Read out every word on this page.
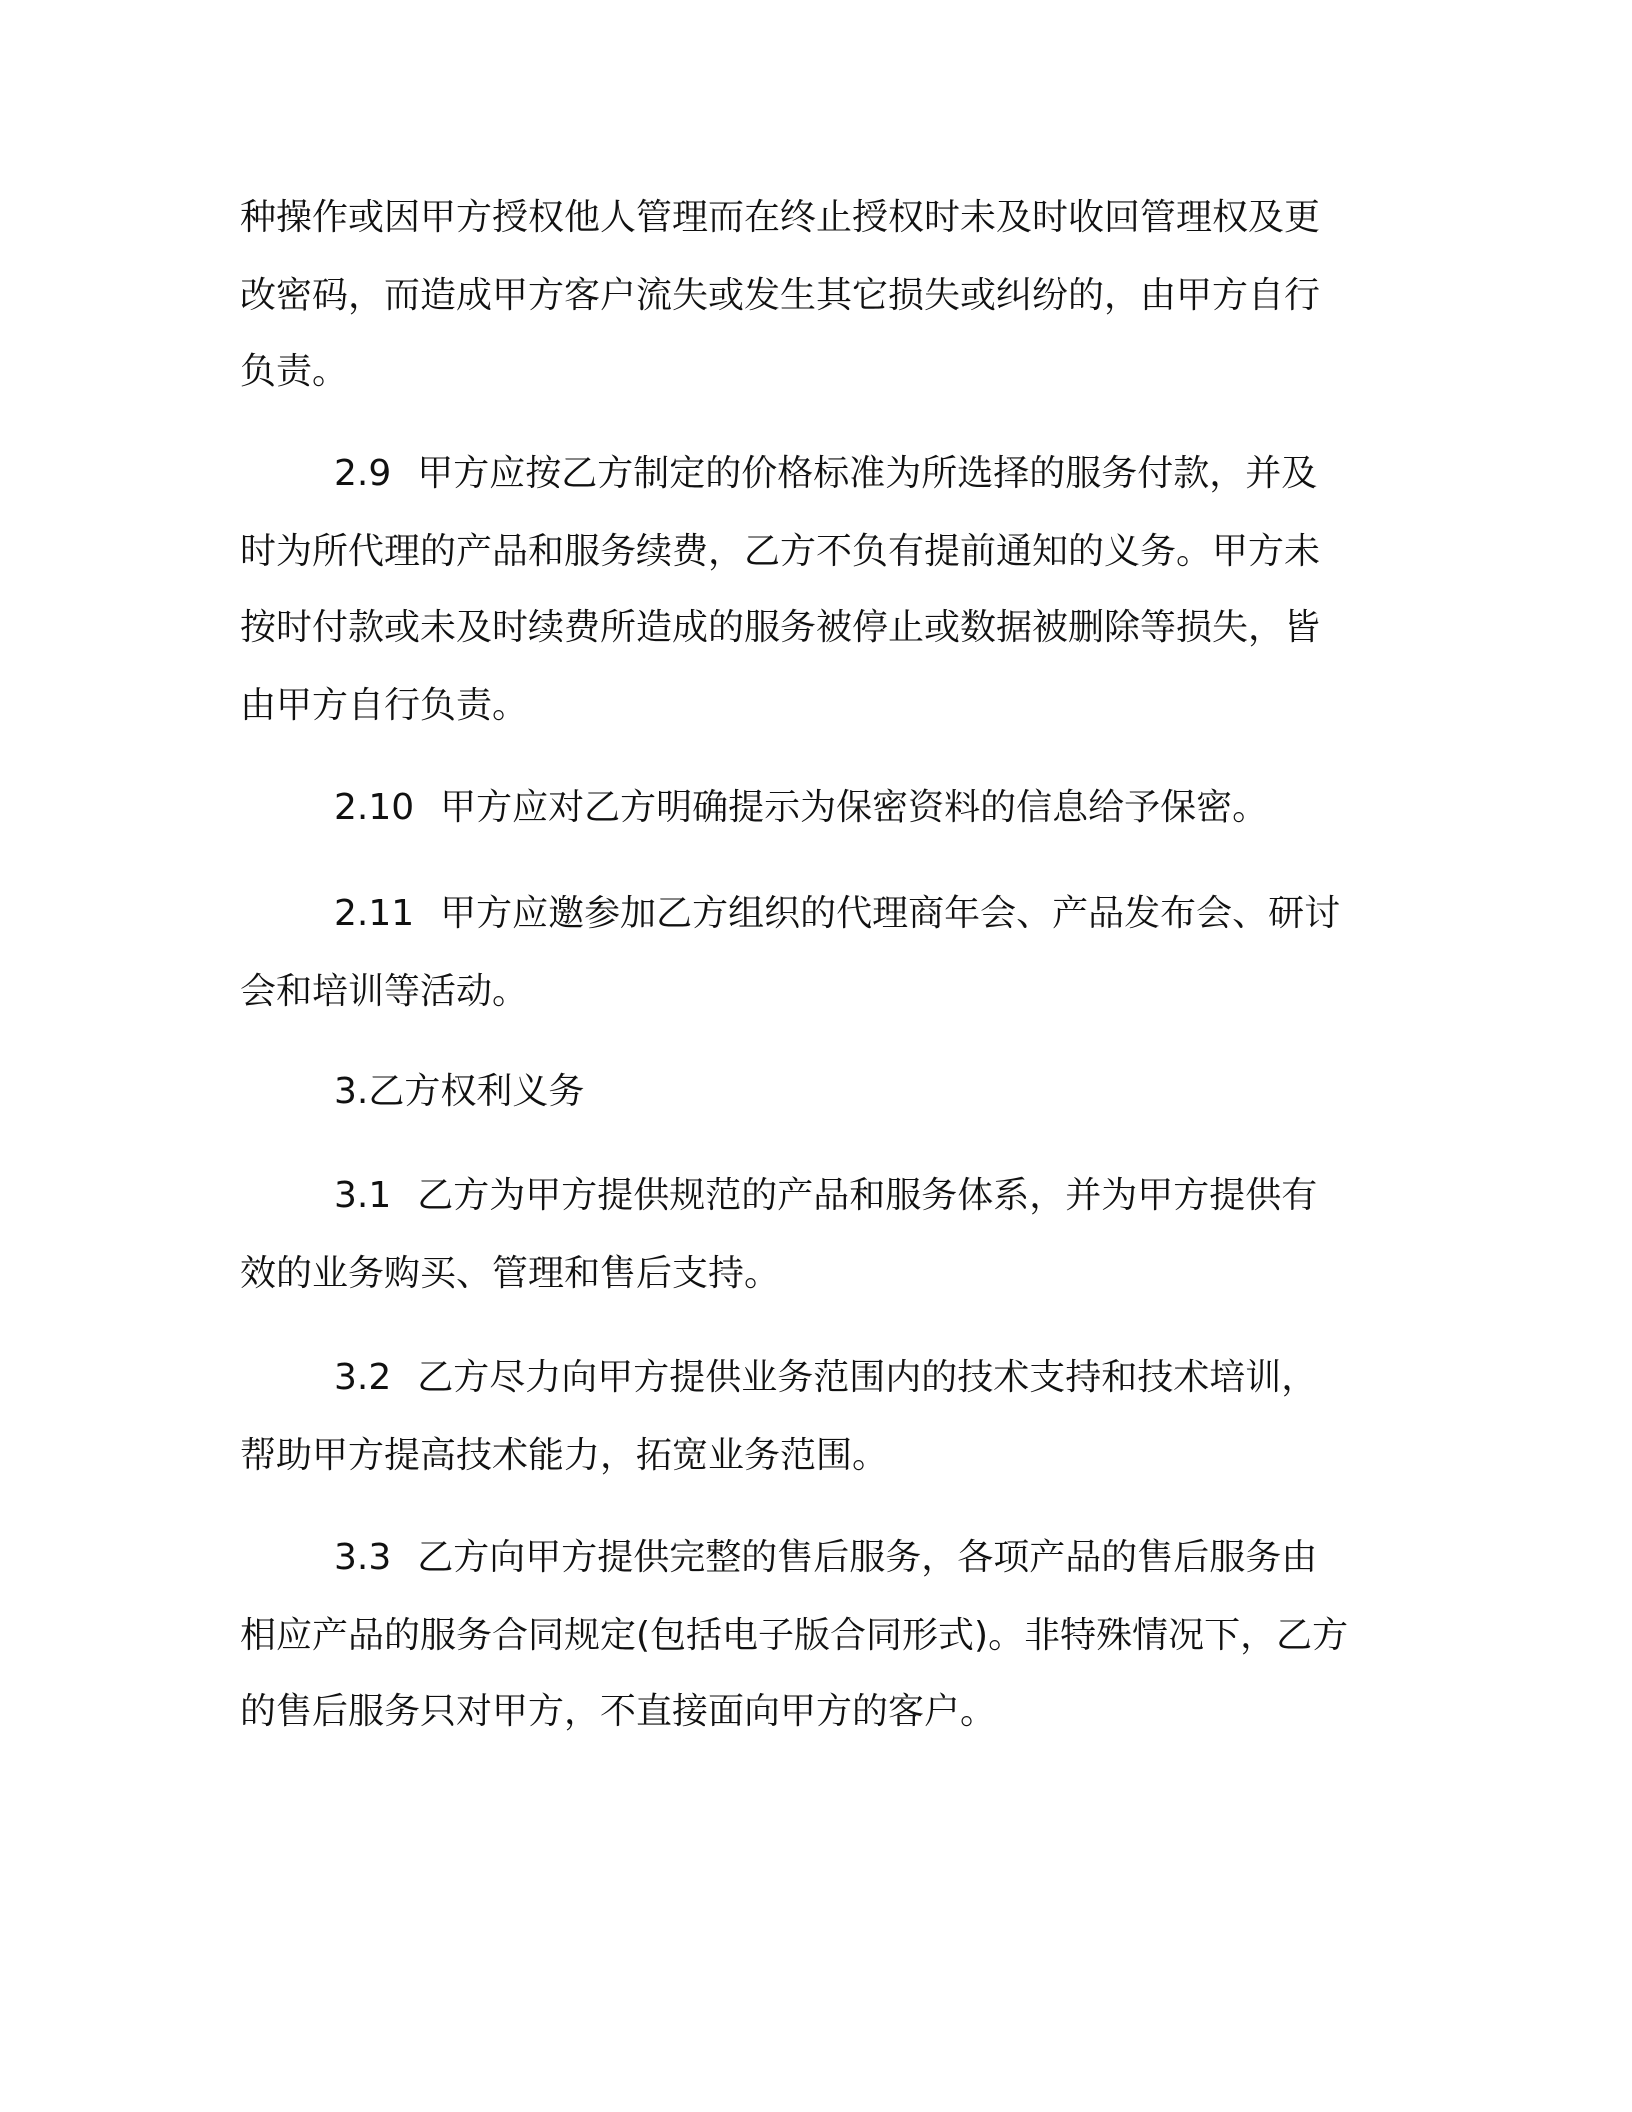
种操作或因甲方授权他人管理而在终止授权时未及时收回管理权及更
改密码，而造成甲方客户流失或发生其它损失或纠纷的，由甲方自行
负责。
2.9 甲方应按乙方制定的价格标准为所选择的服务付款，并及
时为所代理的产品和服务续费，乙方不负有提前通知的义务。甲方未
按时付款或未及时续费所造成的服务被停止或数据被删除等损失，皆
由甲方自行负责。
2.10 甲方应对乙方明确提示为保密资料的信息给予保密。
2.11 甲方应邀参加乙方组织的代理商年会、产品发布会、研讨
会和培训等活动。
3.乙方权利义务
3.1 乙方为甲方提供规范的产品和服务体系，并为甲方提供有
效的业务购买、管理和售后支持。
3.2 乙方尽力向甲方提供业务范围内的技术支持和技术培训，
帮助甲方提高技术能力，拓宽业务范围。
3.3 乙方向甲方提供完整的售后服务，各项产品的售后服务由
相应产品的服务合同规定(包括电子版合同形式)。非特殊情况下，乙方
的售后服务只对甲方，不直接面向甲方的客户。
